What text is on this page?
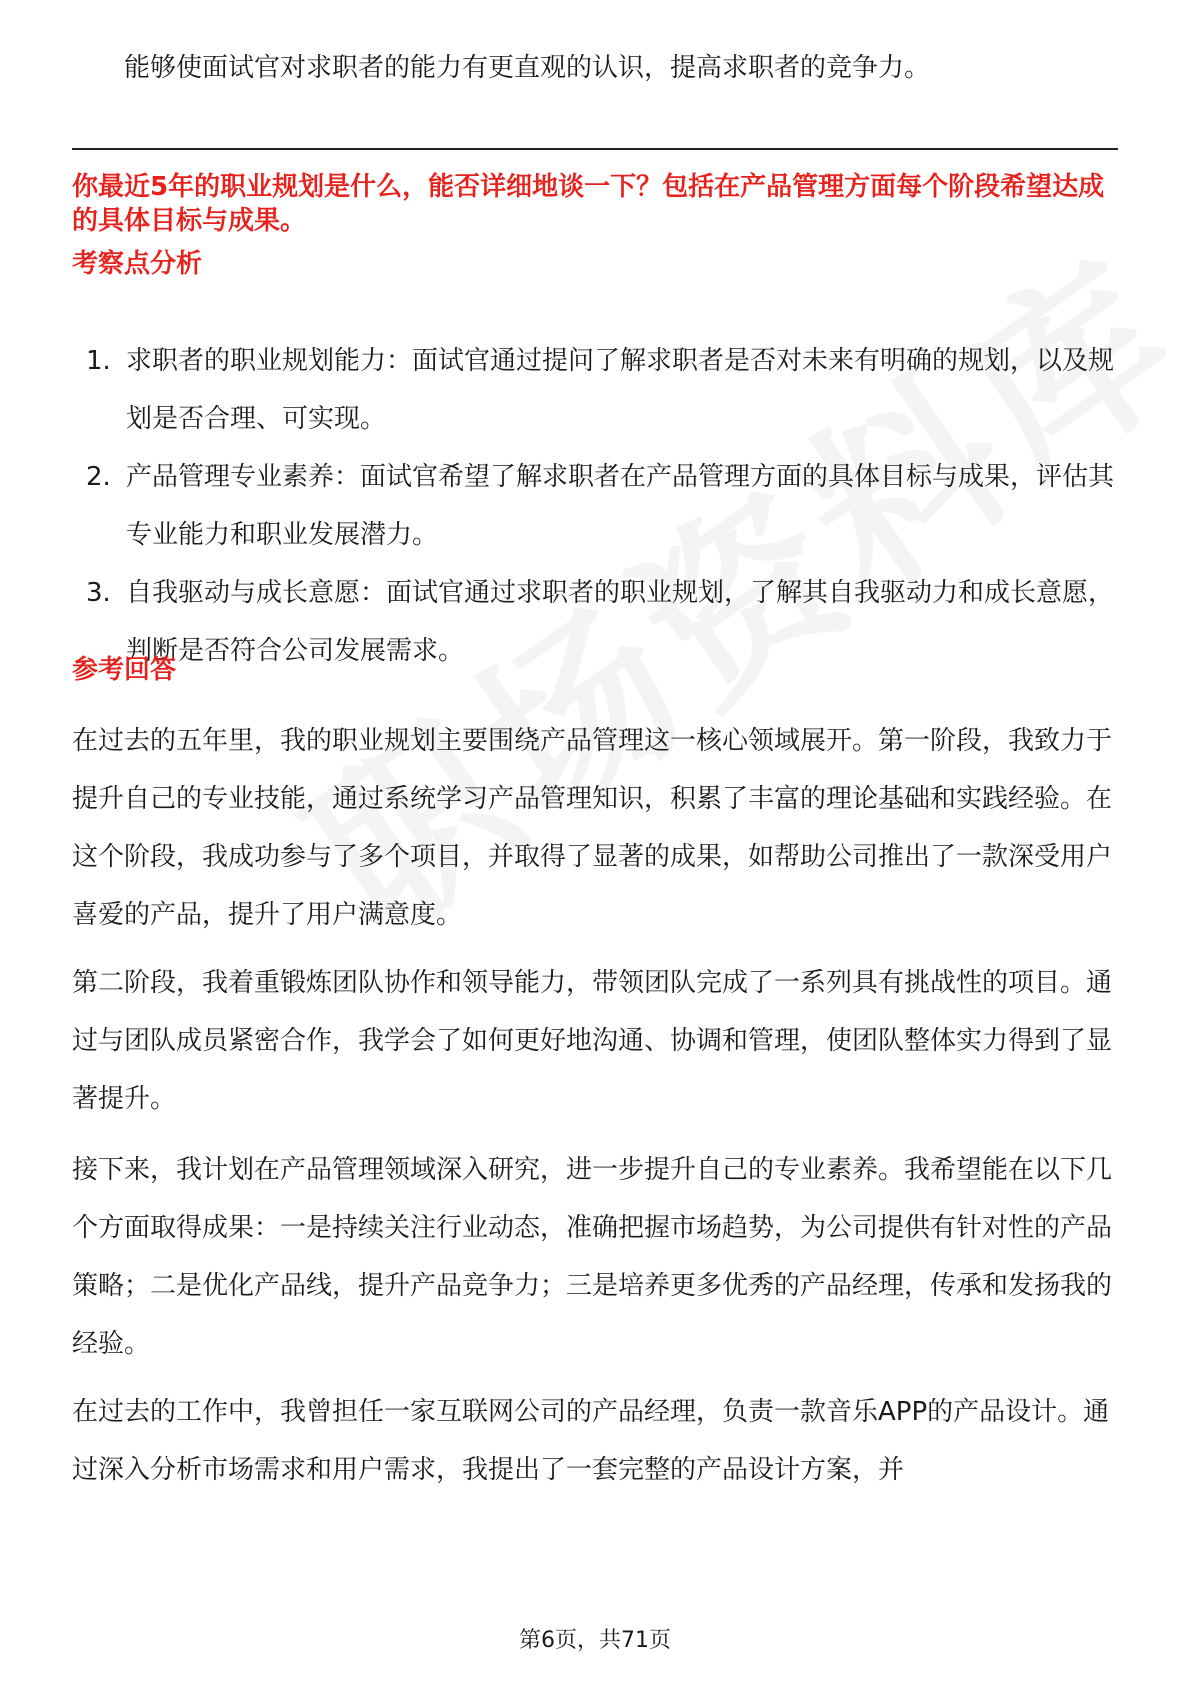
能够使面试官对求职者的能力有更直观的认识，提高求职者的竞争力。
你最近5年的职业规划是什么，能否详细地谈一下？包括在产品管理方面每个阶段希望达成的具体目标与成果。
考察点分析
1. 求职者的职业规划能力：面试官通过提问了解求职者是否对未来有明确的规划，以及规划是否合理、可实现。
2. 产品管理专业素养：面试官希望了解求职者在产品管理方面的具体目标与成果，评估其专业能力和职业发展潜力。
3. 自我驱动与成长意愿：面试官通过求职者的职业规划，了解其自我驱动力和成长意愿，判断是否符合公司发展需求。
参考回答

在过去的五年里，我的职业规划主要围绕产品管理这一核心领域展开。第一阶段，我致力于提升自己的专业技能，通过系统学习产品管理知识，积累了丰富的理论基础和实践经验。在这个阶段，我成功参与了多个项目，并取得了显著的成果，如帮助公司推出了一款深受用户喜爱的产品，提升了用户满意度。

第二阶段，我着重锻炼团队协作和领导能力，带领团队完成了一系列具有挑战性的项目。通过与团队成员紧密合作，我学会了如何更好地沟通、协调和管理，使团队整体实力得到了显著提升。

接下来，我计划在产品管理领域深入研究，进一步提升自己的专业素养。我希望能在以下几个方面取得成果：一是持续关注行业动态，准确把握市场趋势，为公司提供有针对性的产品策略；二是优化产品线，提升产品竞争力；三是培养更多优秀的产品经理，传承和发扬我的经验。

在过去的工作中，我曾担任一家互联网公司的产品经理，负责一款音乐APP的产品设计。通过深入分析市场需求和用户需求，我提出了一套完整的产品设计方案，并

第6页，共71页
